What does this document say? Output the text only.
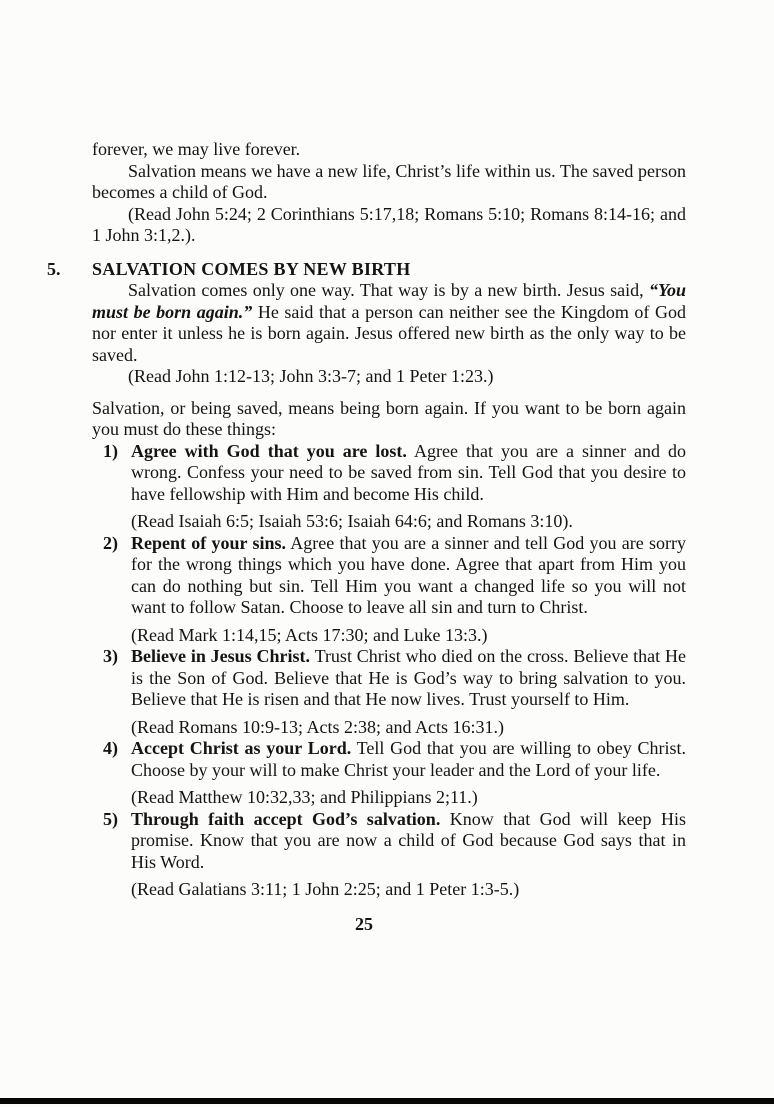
forever, we may live forever.

Salvation means we have a new life, Christ’s life within us. The saved person becomes a child of God.

(Read John 5:24; 2 Corinthians 5:17,18; Romans 5:10; Romans 8:14-16; and 1 John 3:1,2.).

5. SALVATION COMES BY NEW BIRTH

Salvation comes only one way. That way is by a new birth. Jesus said, “You must be born again.” He said that a person can neither see the Kingdom of God nor enter it unless he is born again. Jesus offered new birth as the only way to be saved.

(Read John 1:12-13; John 3:3-7; and 1 Peter 1:23.)

Salvation, or being saved, means being born again. If you want to be born again you must do these things:

1) Agree with God that you are lost. Agree that you are a sinner and do wrong. Confess your need to be saved from sin. Tell God that you desire to have fellowship with Him and become His child.

(Read Isaiah 6:5; Isaiah 53:6; Isaiah 64:6; and Romans 3:10).

2) Repent of your sins. Agree that you are a sinner and tell God you are sorry for the wrong things which you have done. Agree that apart from Him you can do nothing but sin. Tell Him you want a changed life so you will not want to follow Satan. Choose to leave all sin and turn to Christ.

(Read Mark 1:14,15; Acts 17:30; and Luke 13:3.)

3) Believe in Jesus Christ. Trust Christ who died on the cross. Believe that He is the Son of God. Believe that He is God’s way to bring salvation to you. Believe that He is risen and that He now lives. Trust yourself to Him.

(Read Romans 10:9-13; Acts 2:38; and Acts 16:31.)

4) Accept Christ as your Lord. Tell God that you are willing to obey Christ. Choose by your will to make Christ your leader and the Lord of your life.

(Read Matthew 10:32,33; and Philippians 2;11.)

5) Through faith accept God’s salvation. Know that God will keep His promise. Know that you are now a child of God because God says that in His Word.

(Read Galatians 3:11; 1 John 2:25; and 1 Peter 1:3-5.)

25
